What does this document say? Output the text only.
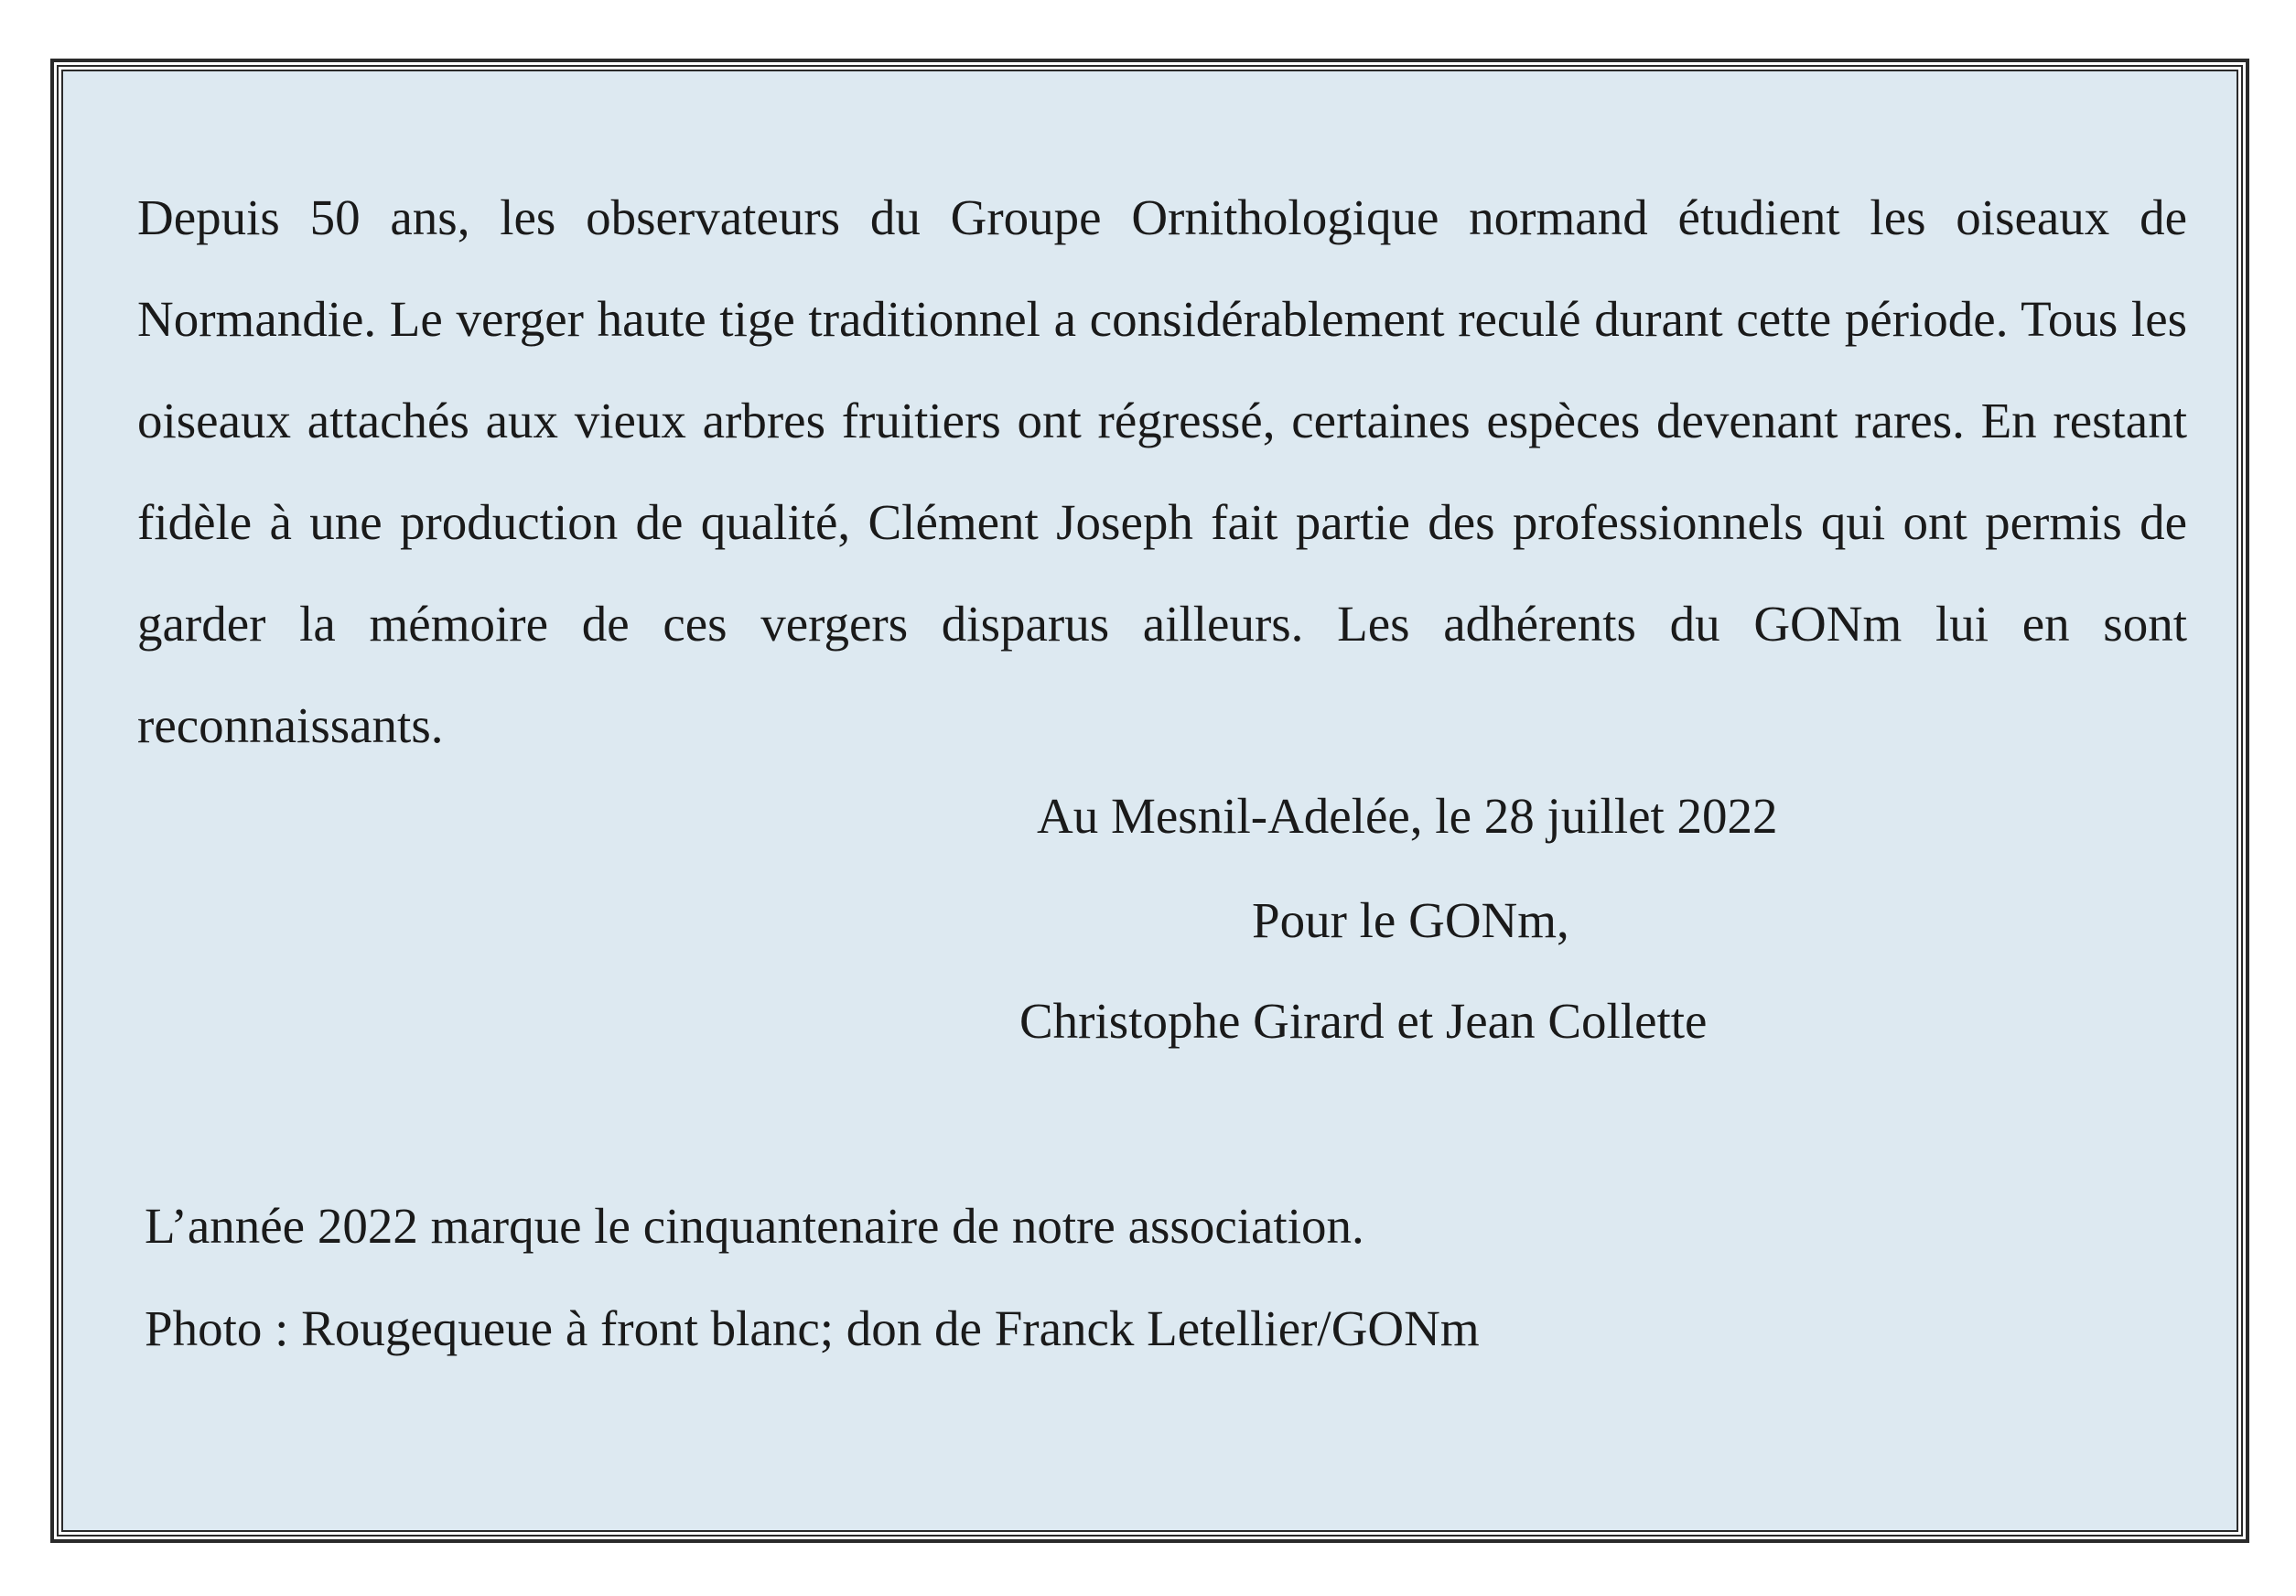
Depuis 50 ans, les observateurs du Groupe Ornithologique normand étudient les oiseaux de Normandie. Le verger haute tige traditionnel a considérablement reculé durant cette période. Tous les oiseaux attachés aux vieux arbres fruitiers ont régressé, certaines espèces devenant rares. En restant fidèle à une production de qualité, Clément Joseph fait partie des professionnels qui ont permis de garder la mémoire de ces vergers disparus ailleurs. Les adhérents du GONm lui en sont reconnaissants.

Au Mesnil-Adelée, le 28 juillet 2022

Pour le GONm,

Christophe Girard et Jean Collette

L’année 2022 marque le cinquantenaire de notre association.

Photo : Rougequeue à front blanc; don de Franck Letellier/GONm
